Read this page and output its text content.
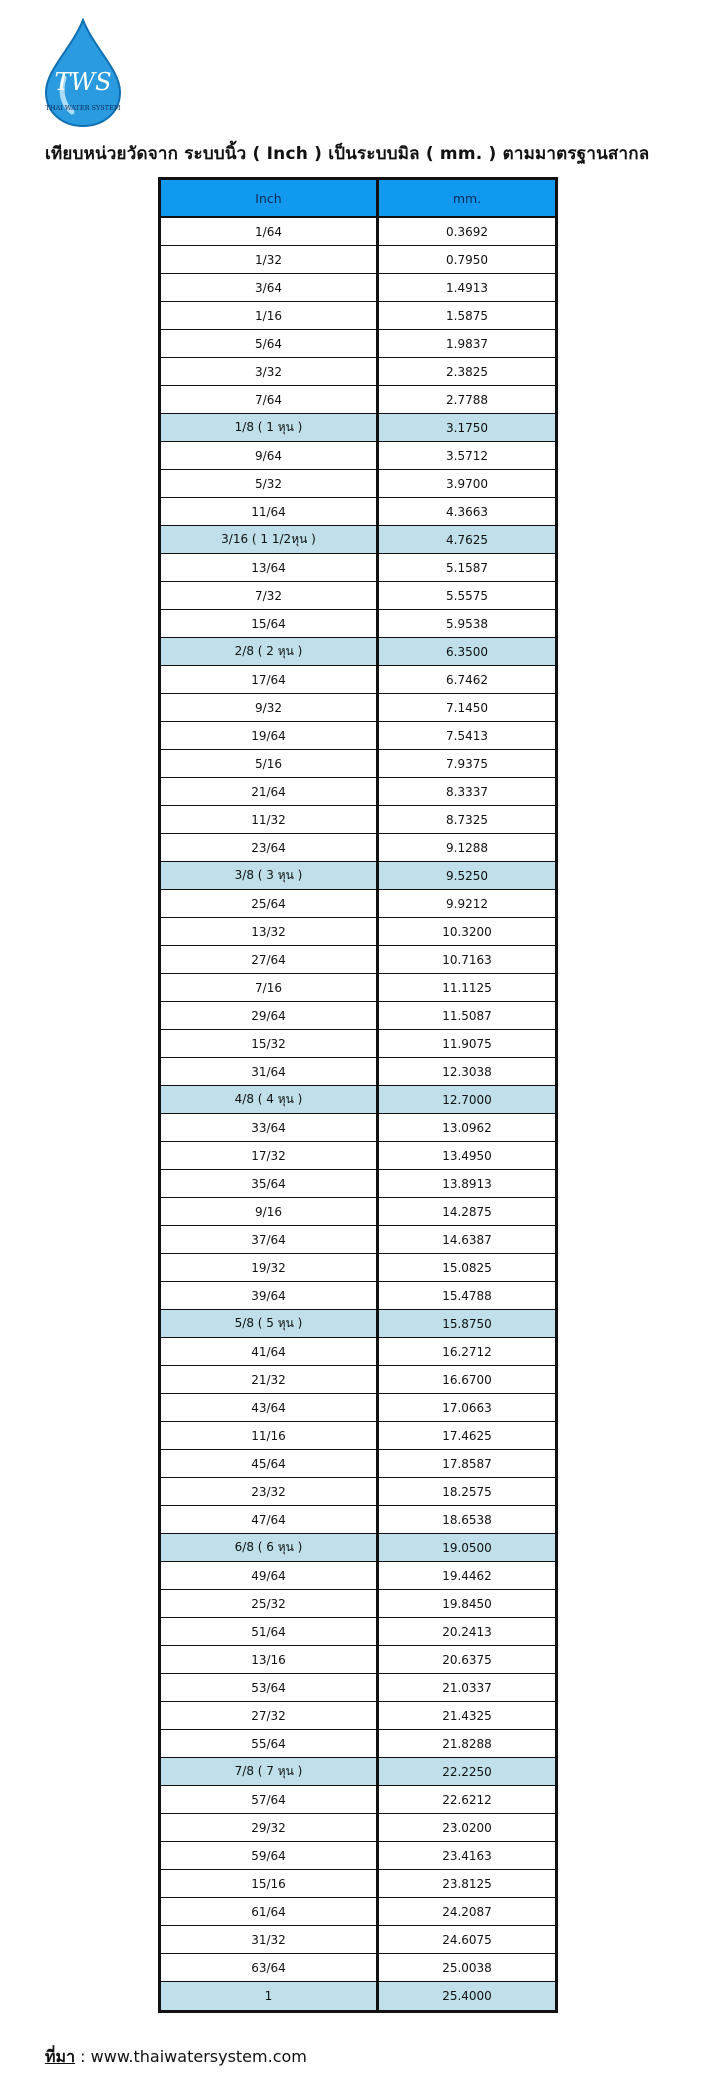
TWS
THAI WATER SYSTEM
เทียบหน่วยวัดจาก ระบบนิ้ว ( Inch ) เป็นระบบมิล ( mm. ) ตามมาตรฐานสากล
Inch	mm.
1/64	0.3692
1/32	0.7950
3/64	1.4913
1/16	1.5875
5/64	1.9837
3/32	2.3825
7/64	2.7788
1/8 ( 1 หุน )	3.1750
9/64	3.5712
5/32	3.9700
11/64	4.3663
3/16 ( 1 1/2หุน )	4.7625
13/64	5.1587
7/32	5.5575
15/64	5.9538
2/8 ( 2 หุน )	6.3500
17/64	6.7462
9/32	7.1450
19/64	7.5413
5/16	7.9375
21/64	8.3337
11/32	8.7325
23/64	9.1288
3/8 ( 3 หุน )	9.5250
25/64	9.9212
13/32	10.3200
27/64	10.7163
7/16	11.1125
29/64	11.5087
15/32	11.9075
31/64	12.3038
4/8 ( 4 หุน )	12.7000
33/64	13.0962
17/32	13.4950
35/64	13.8913
9/16	14.2875
37/64	14.6387
19/32	15.0825
39/64	15.4788
5/8 ( 5 หุน )	15.8750
41/64	16.2712
21/32	16.6700
43/64	17.0663
11/16	17.4625
45/64	17.8587
23/32	18.2575
47/64	18.6538
6/8 ( 6 หุน )	19.0500
49/64	19.4462
25/32	19.8450
51/64	20.2413
13/16	20.6375
53/64	21.0337
27/32	21.4325
55/64	21.8288
7/8 ( 7 หุน )	22.2250
57/64	22.6212
29/32	23.0200
59/64	23.4163
15/16	23.8125
61/64	24.2087
31/32	24.6075
63/64	25.0038
1	25.4000
ที่มา : www.thaiwatersystem.com
